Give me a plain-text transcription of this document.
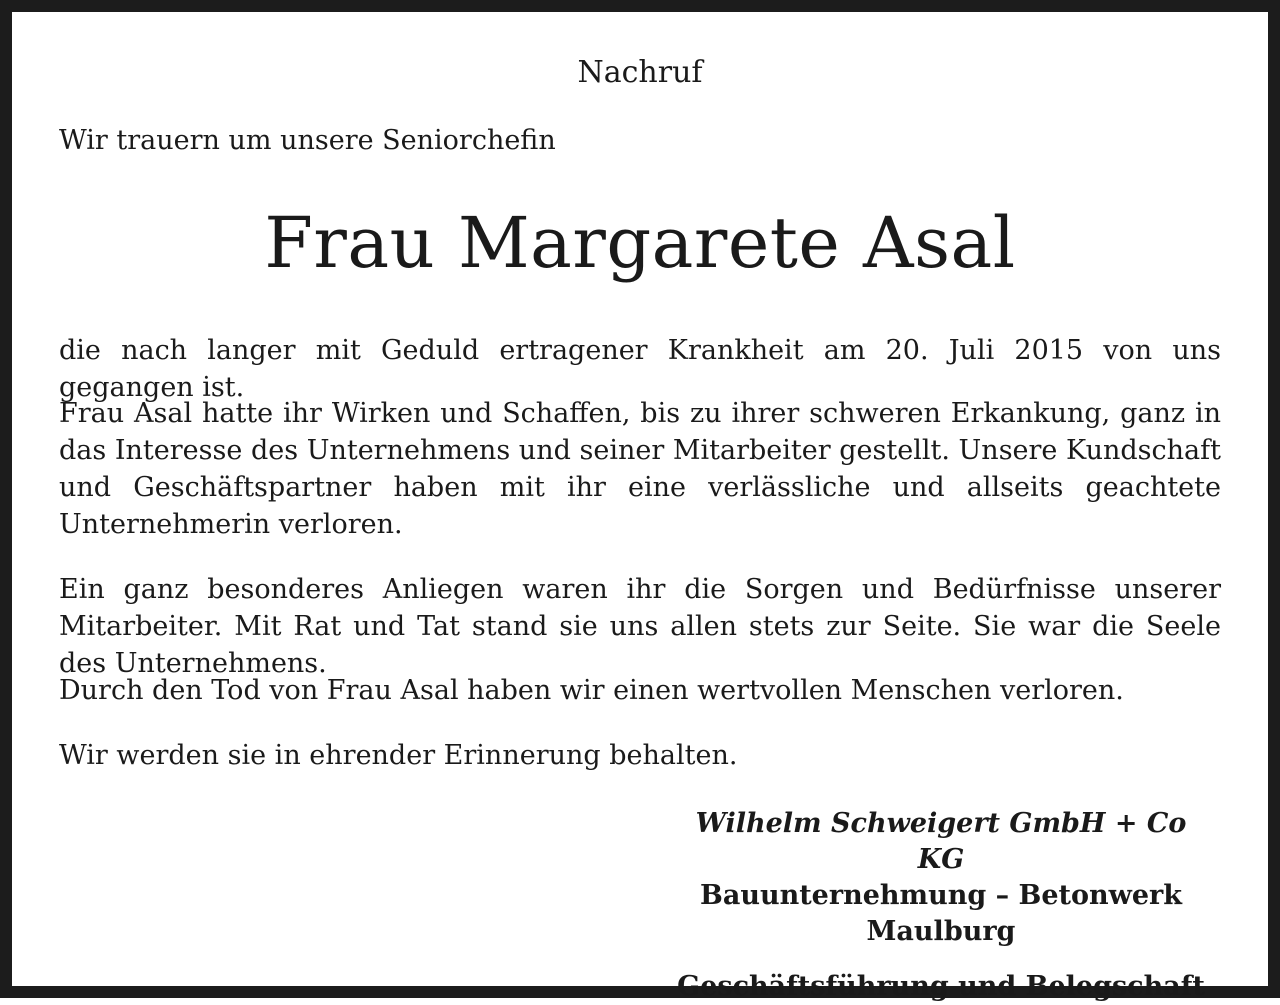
Nachruf
Wir trauern um unsere Seniorchefin
Frau Margarete Asal
die nach langer mit Geduld ertragener Krankheit am 20. Juli 2015 von uns gegangen ist.
Frau Asal hatte ihr Wirken und Schaffen, bis zu ihrer schweren Erkankung, ganz in das Interesse des Unternehmens und seiner Mitarbeiter gestellt. Unsere Kundschaft und Geschäftspartner haben mit ihr eine verlässliche und allseits geachtete Unternehmerin verloren.
Ein ganz besonderes Anliegen waren ihr die Sorgen und Bedürfnisse unserer Mitarbeiter. Mit Rat und Tat stand sie uns allen stets zur Seite. Sie war die Seele des Unternehmens.
Durch den Tod von Frau Asal haben wir einen wertvollen Menschen verloren.
Wir werden sie in ehrender Erinnerung behalten.
Wilhelm Schweigert GmbH + Co KG
Bauunternehmung – Betonwerk
Maulburg
Geschäftsführung und Belegschaft
